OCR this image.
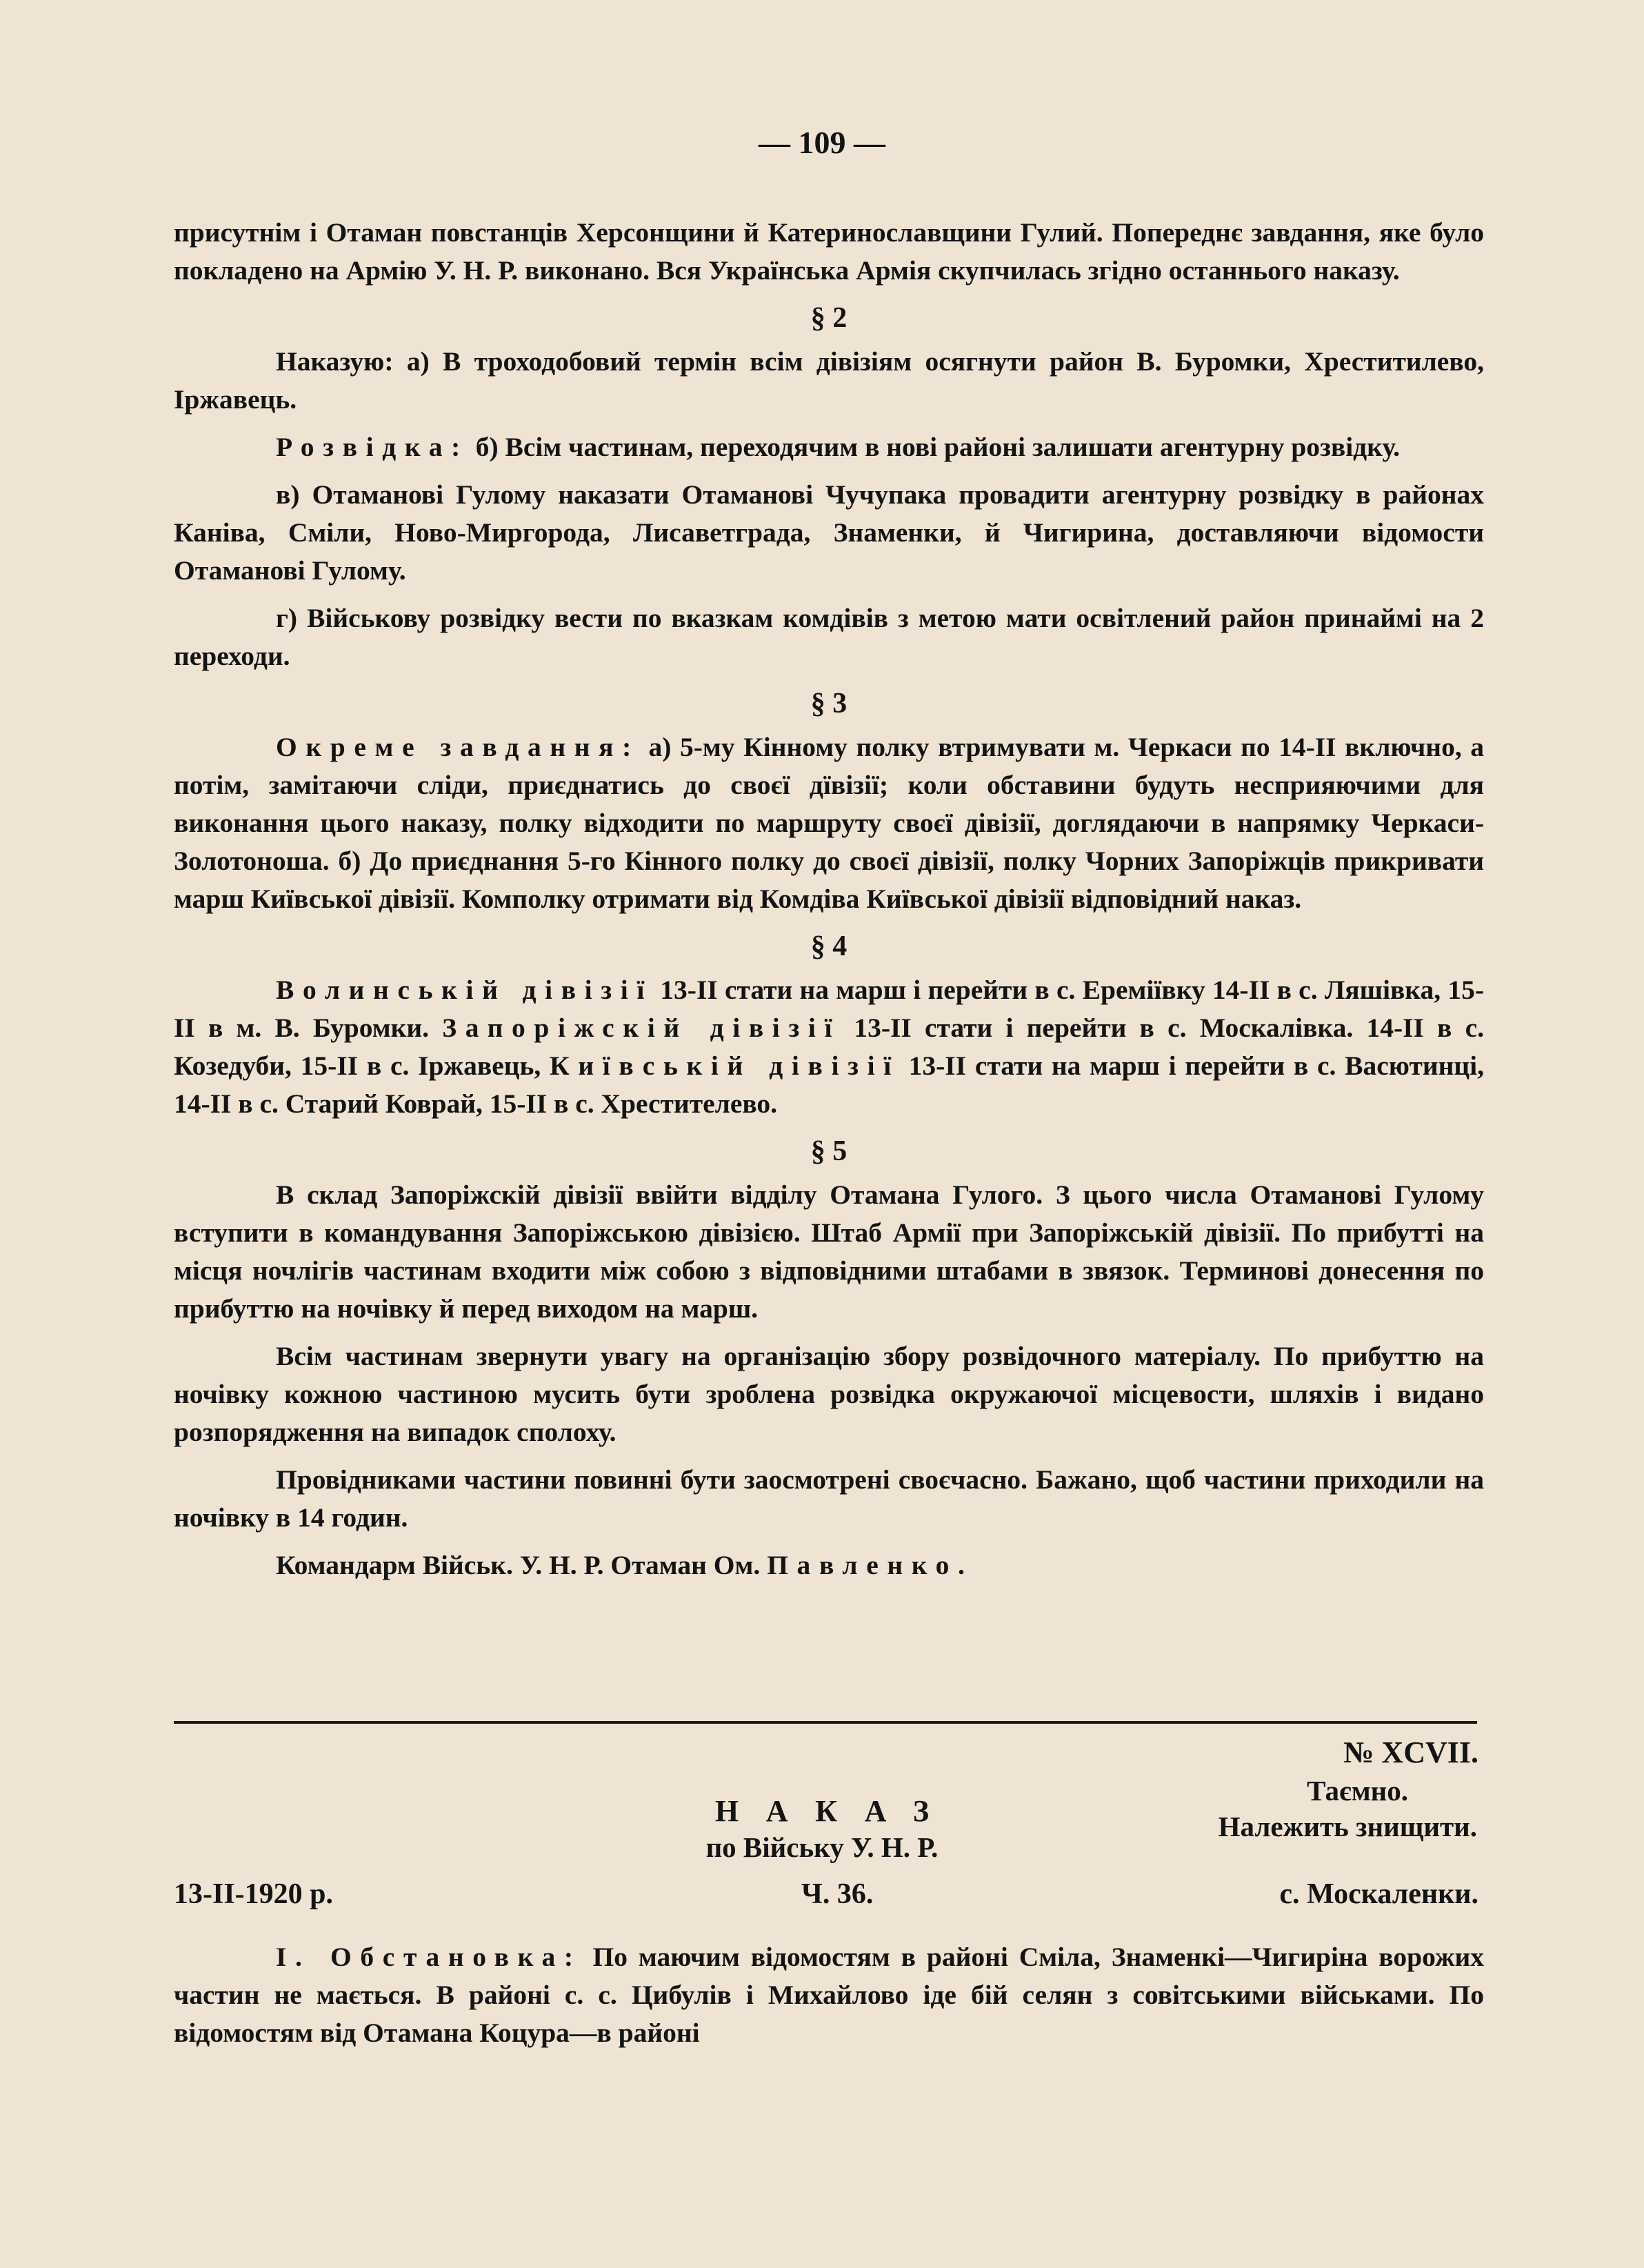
— 109 —

присутнім і Отаман повстанців Херсонщини й Катеринославщини Гулий. Попереднє завдання, яке було покладено на Армію У. Н. Р. виконано. Вся Українська Армія скупчилась згідно останнього наказу.

§ 2

Наказую: а) В троходобовий термін всім дівізіям осягнути район В. Буромки, Хреститилево, Іржавець.

Розвідка: б) Всім частинам, переходячим в нові районі залишати агентурну розвідку.

в) Отаманові Гулому наказати Отаманові Чучупака провадити агентурну розвідку в районах Канівa, Сміли, Ново-Миргорода, Лисаветграда, Знаменки, й Чигирина, доставляючи відомости Отаманові Гулому.

г) Військову розвідку вести по вказкам комдівів з метою мати освітлений район принаймі на 2 переходи.

§ 3

Окреме завдання: а) 5-му Кінному полку втримувати м. Черкаси по 14-II включно, а потім, замітаючи сліди, приєднатись до своєї дївізії; коли обставини будуть несприяючими для виконання цього наказу, полку відходити по маршруту своєї дівізії, доглядаючи в напрямку Черкаси-Золотоноша. б) До приєднання 5-го Кінного полку до своєї дівізії, полку Чорних Запоріжців прикривати марш Київської дівізії. Комполку отримати від Комдіва Київської дівізії відповідний наказ.

§ 4

Волинській дівізії 13-II стати на марш і перейти в с. Еремiївку 14-II в с. Ляшівка, 15-II в м. В. Буромки. Запоріжскій дівізії 13-II стати і перейти в с. Москалівка. 14-II в с. Козедуби, 15-II в с. Іржавець, Київській дівізії 13-II стати на марш і перейти в с. Васютинці, 14-II в с. Старий Коврай, 15-II в с. Хрестителево.

§ 5

В склад Запоріжскій дівізії ввійти відділу Отамана Гулого. З цього числа Отаманові Гулому вступити в командування Запоріжською дівізією. Штаб Армії при Запоріжській дівізії. По прибутті на місця ночлігів частинам входити між собою з відповідними штабами в звязок. Терминові донесення по прибуттю на ночівку й перед виходом на марш.

Всім частинам звернути увагу на організацію збору розвідочного матеріалу. По прибуттю на ночівку кожною частиною мусить бути зроблена розвідка окружаючої місцевости, шляхів і видано розпорядження на випадок сполоху.

Провідниками частини повинні бути заосмотрені своєчасно. Бажано, щоб частини приходили на ночівку в 14 годин.

Командарм Військ. У. Н. Р. Отаман Ом. Павленко.

№ XCVII.
Таємно.
Належить знищити.
НАКАЗ
по Війську У. Н. Р.
13-II-1920 р.	Ч. 36.	с. Москаленки.

І. Обстановка: По маючим відомостям в районі Сміла, Знаменкі—Чигиріна ворожих частин не мається. В районі с. с. Цибулів і Михайлово іде бій селян з совітськими військами. По відомостям від Отамана Коцура—в районі
